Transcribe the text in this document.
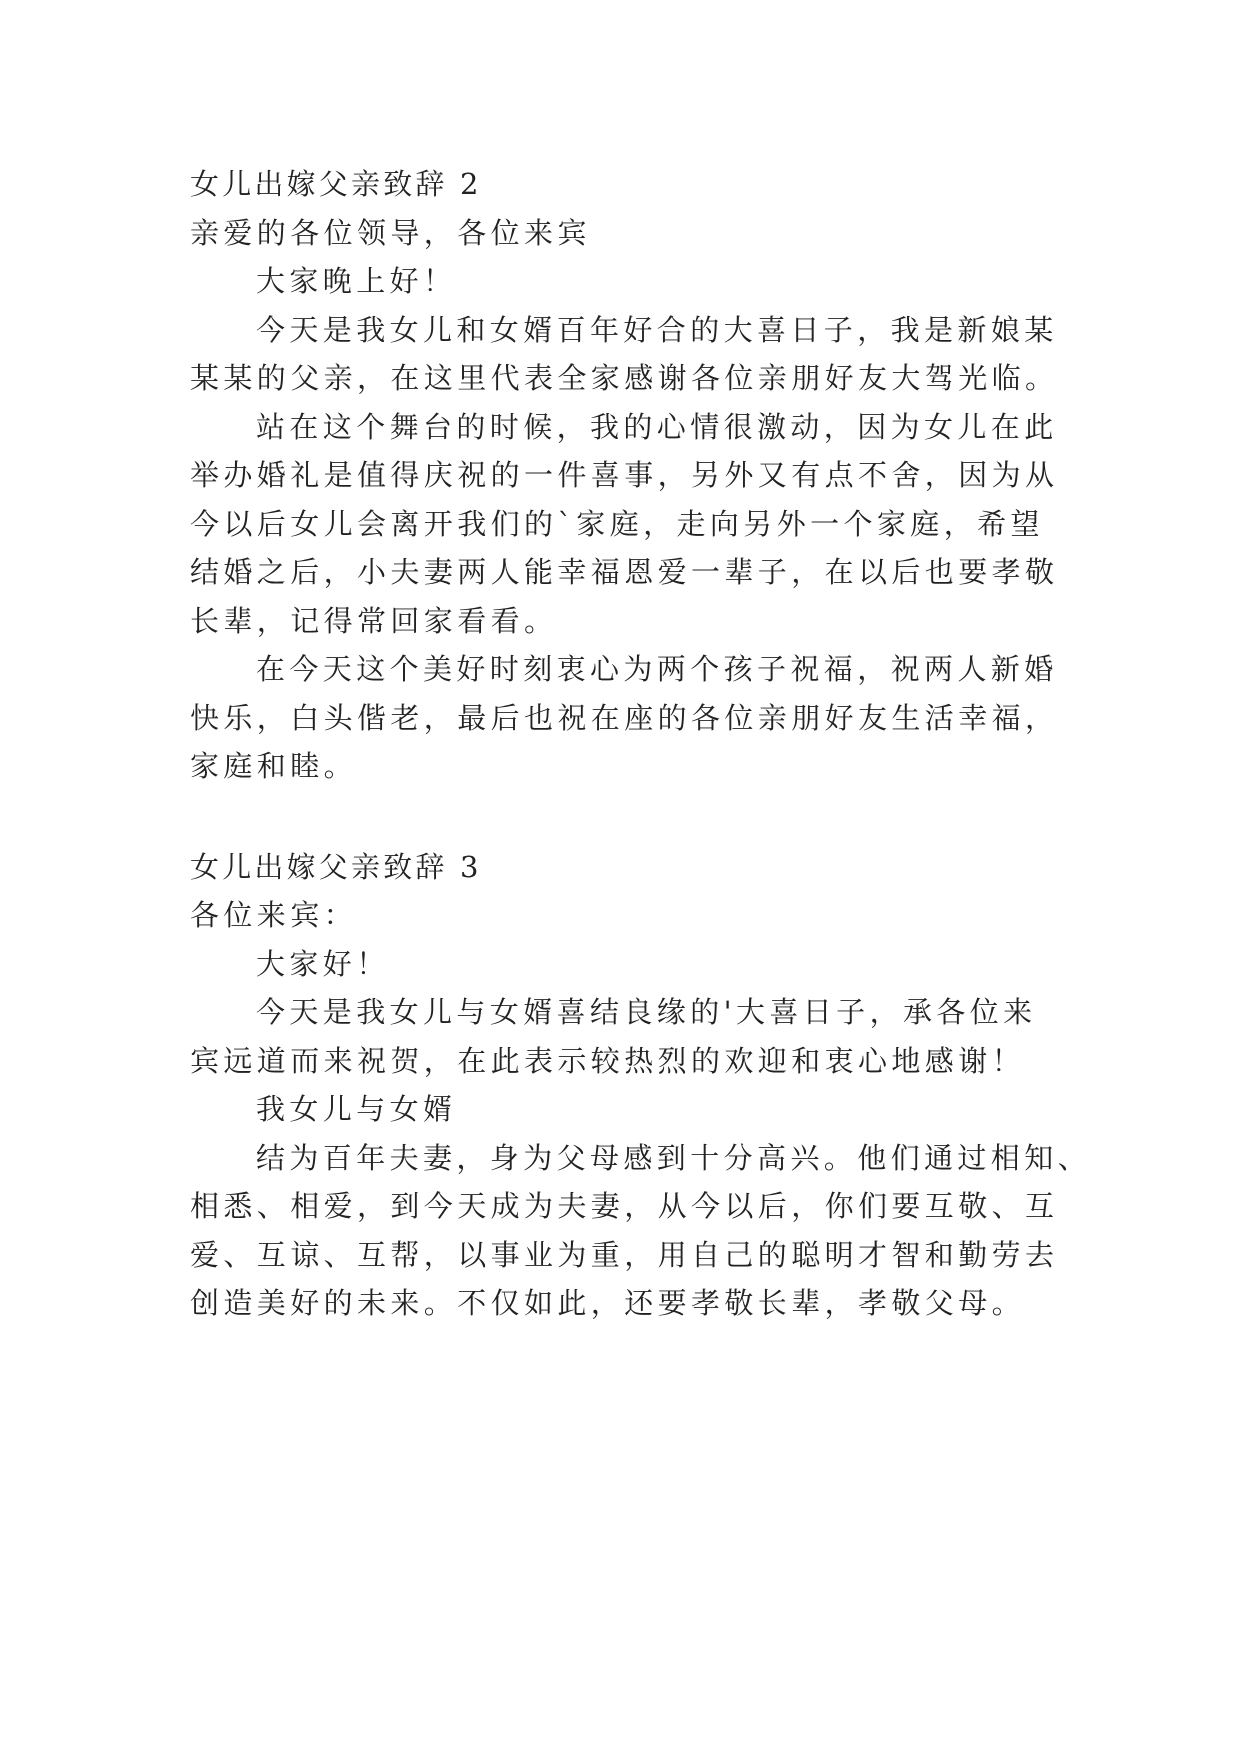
女儿出嫁父亲致辞 2

亲爱的各位领导，各位来宾

大家晚上好！

今天是我女儿和女婿百年好合的大喜日子，我是新娘某

某某的父亲，在这里代表全家感谢各位亲朋好友大驾光临。

站在这个舞台的时候，我的心情很激动，因为女儿在此

举办婚礼是值得庆祝的一件喜事，另外又有点不舍，因为从

今以后女儿会离开我们的`家庭，走向另外一个家庭，希望

结婚之后，小夫妻两人能幸福恩爱一辈子，在以后也要孝敬

长辈，记得常回家看看。

在今天这个美好时刻衷心为两个孩子祝福，祝两人新婚

快乐，白头偕老，最后也祝在座的各位亲朋好友生活幸福，

家庭和睦。

女儿出嫁父亲致辞 3

各位来宾：

大家好！

今天是我女儿与女婿喜结良缘的'大喜日子，承各位来

宾远道而来祝贺，在此表示较热烈的欢迎和衷心地感谢！

我女儿与女婿

结为百年夫妻，身为父母感到十分高兴。他们通过相知、

相悉、相爱，到今天成为夫妻，从今以后，你们要互敬、互

爱、互谅、互帮，以事业为重，用自己的聪明才智和勤劳去

创造美好的未来。不仅如此，还要孝敬长辈，孝敬父母。
